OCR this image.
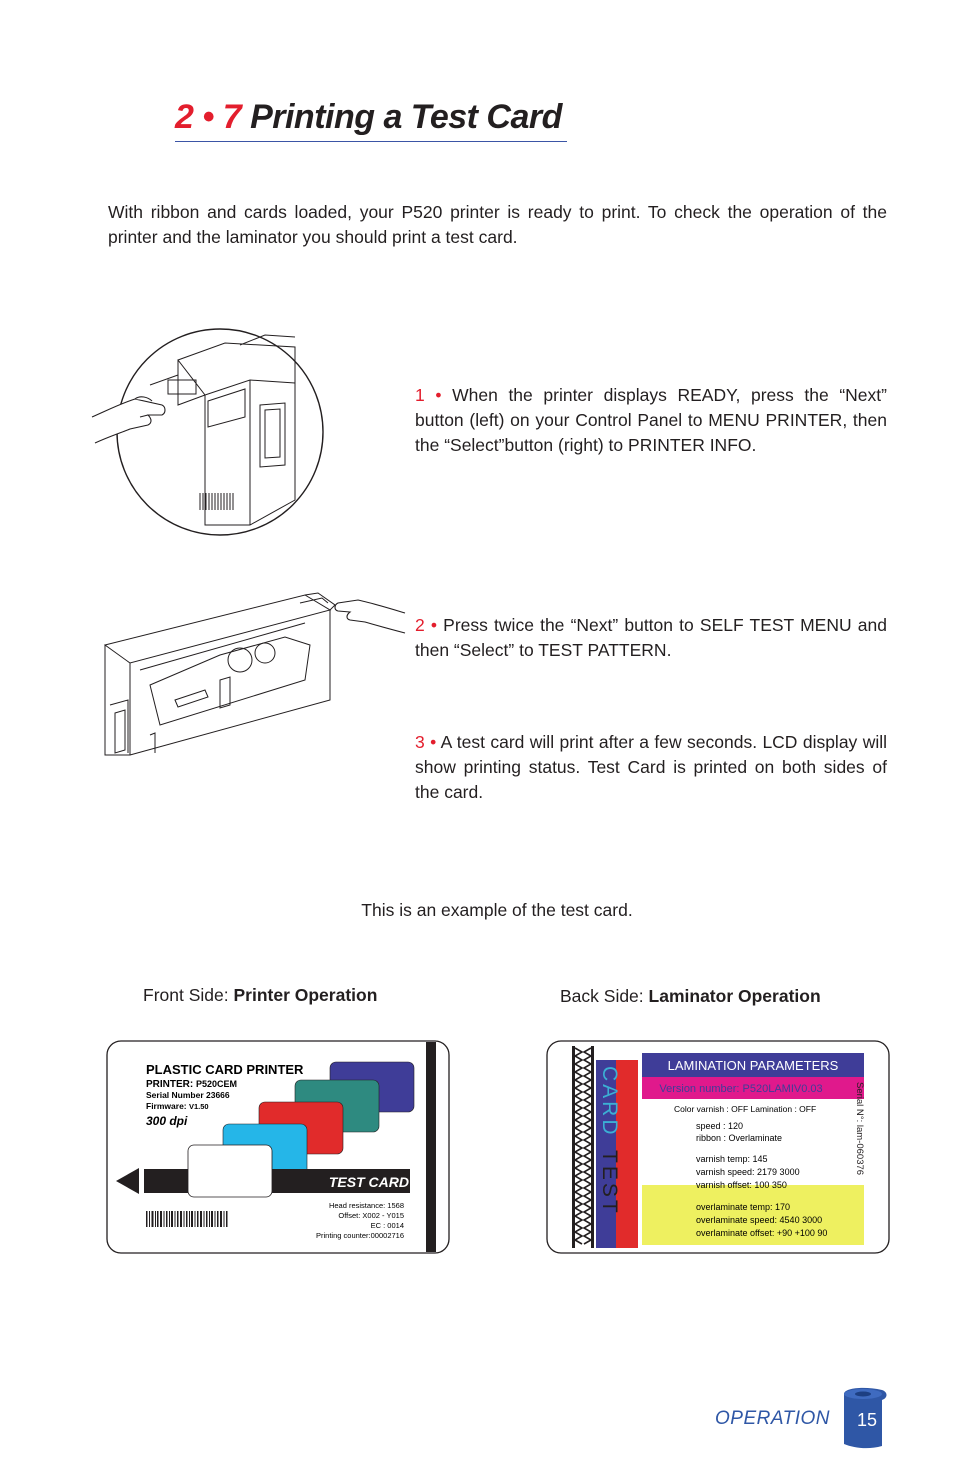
2 • 7 Printing a Test Card
With ribbon and cards loaded, your P520 printer is ready to print. To check the operation of the printer and the laminator you should print a test card.
1 • When the printer displays READY, press the “Next” button (left) on your Control Panel to MENU PRINTER, then the “Select”button (right) to PRINTER INFO.
2 • Press twice the “Next” button to SELF TEST MENU and then “Select” to TEST PATTERN.
3 • A test card will print after a few seconds. LCD display will show printing status. Test Card is printed on both sides of the card.
This is an example of the test card.
Front Side: Printer Operation	Back Side: Laminator Operation
PLASTIC CARD PRINTER
PRINTER: P520CEM
Serial Number 23666
Firmware: V1.50
300 dpi
TEST CARD
Head resistance: 1568
Offset: X002 - Y015
EC : 0014
Printing counter:00002716
CARD
TEST
LAMINATION PARAMETERS
Version number: P520LAMIV0.03
Color varnish : OFF Lamination : OFF
speed : 120
ribbon : Overlaminate
varnish temp: 145
varnish speed: 2179 3000
varnish offset: 100 350
overlaminate temp: 170
overlaminate speed: 4540 3000
overlaminate offset: +90 +100 90
Serial N°: lam-060376
OPERATION	15
